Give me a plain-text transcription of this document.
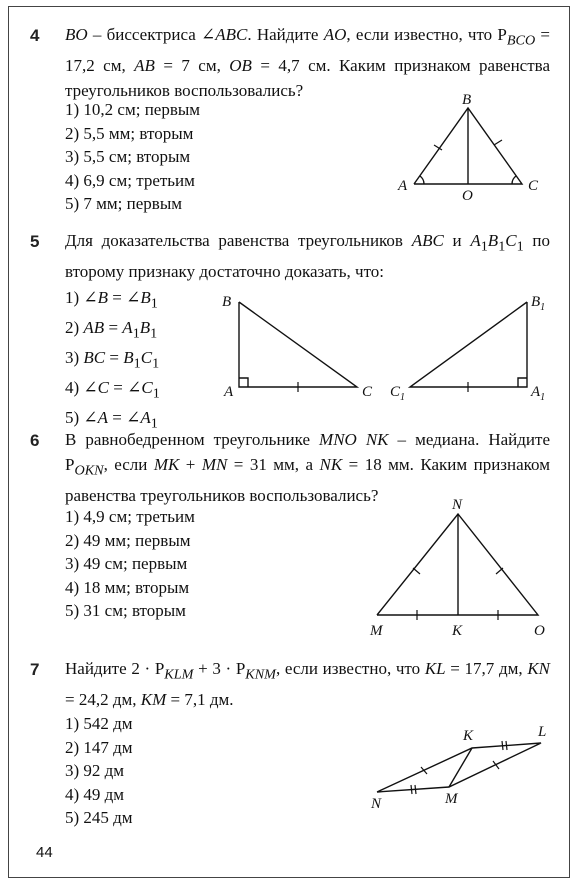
4 BO – биссектриса ∠ABC. Найдите AO, если известно, что $P_{BCO} = 17,2$ см, AB = 7 см, OB = 4,7 см. Каким признаком равенства треугольников воспользовались?
1) 10,2 см; первым
2) 5,5 мм; вторым
3) 5,5 см; вторым
4) 6,9 см; третьим
5) 7 мм; первым
B
A
O
C
5 Для доказательства равенства треугольников ABC и $A_1B_1C_1$ по второму признаку достаточно доказать, что:
1) ∠B = $\angle B_1$
2) AB = $A_1B_1$
3) BC = $B_1C_1$
4) ∠C = $\angle C_1$
5) ∠A = $\angle A_1$
B
A	C $C_1$
$B_1$
$A_1$
6 В равнобедренном треугольнике MNO NK – медиана. Найдите $P_{OKN}$, если MK + MN = 31 мм, а NK = 18 мм. Каким признаком равенства треугольников воспользовались?
1) 4,9 см; третьим
2) 49 мм; первым
3) 49 см; первым
4) 18 мм; вторым
5) 31 см; вторым
N
M	K	O
7 Найдите $2 \cdot P_{KLM} + 3 \cdot P_{KNM}$, если известно, что KL = 17,7 дм, KN = 24,2 дм, KM = 7,1 дм.
1) 542 дм
2) 147 дм
3) 92 дм
4) 49 дм
5) 245 дм
K	L
N	M
44
